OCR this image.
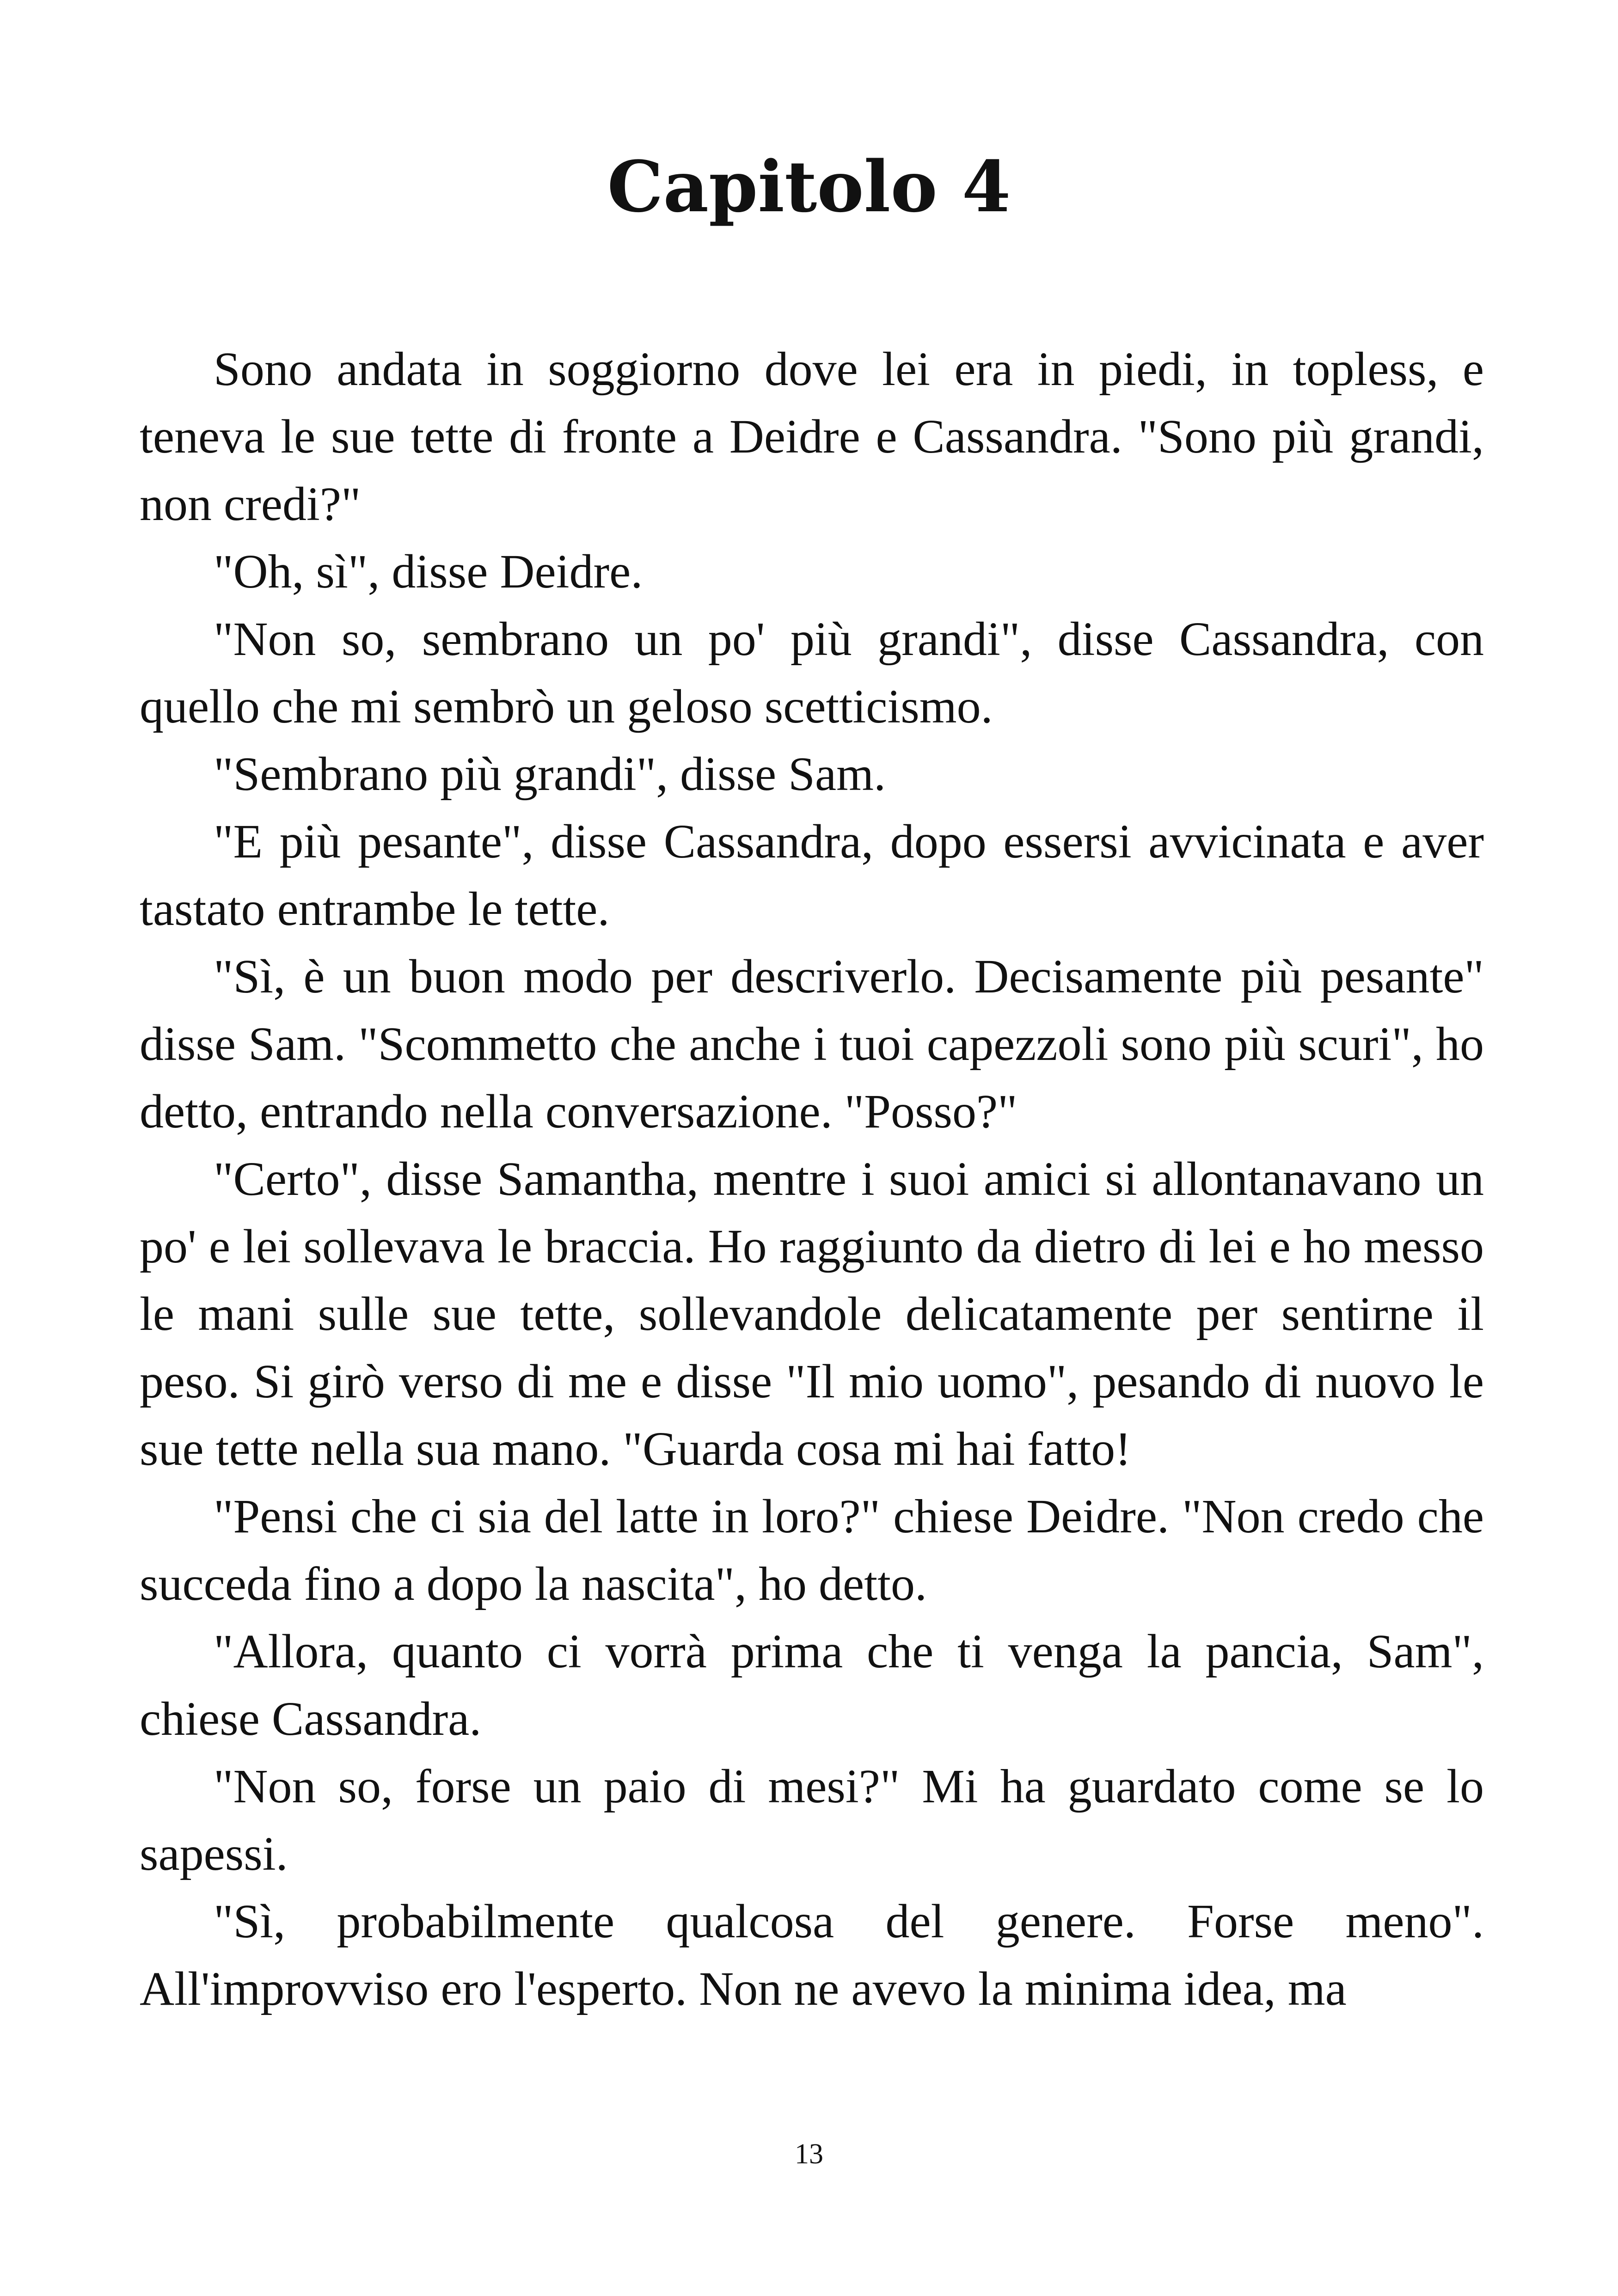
Capitolo 4

Sono andata in soggiorno dove lei era in piedi, in topless, e teneva le sue tette di fronte a Deidre e Cassandra. "Sono più grandi, non credi?"

"Oh, sì", disse Deidre.

"Non so, sembrano un po' più grandi", disse Cassandra, con quello che mi sembrò un geloso scetticismo.

"Sembrano più grandi", disse Sam.

"E più pesante", disse Cassandra, dopo essersi avvicinata e aver tastato entrambe le tette.

"Sì, è un buon modo per descriverlo. Decisamente più pesante" disse Sam. "Scommetto che anche i tuoi capezzoli sono più scuri", ho detto, entrando nella conversazione. "Posso?"

"Certo", disse Samantha, mentre i suoi amici si allontanavano un po' e lei sollevava le braccia. Ho raggiunto da dietro di lei e ho messo le mani sulle sue tette, sollevandole delicatamente per sentirne il peso. Si girò verso di me e disse "Il mio uomo", pesando di nuovo le sue tette nella sua mano. "Guarda cosa mi hai fatto!

"Pensi che ci sia del latte in loro?" chiese Deidre. "Non credo che succeda fino a dopo la nascita", ho detto.

"Allora, quanto ci vorrà prima che ti venga la pancia, Sam", chiese Cassandra.

"Non so, forse un paio di mesi?" Mi ha guardato come se lo sapessi.

"Sì, probabilmente qualcosa del genere. Forse meno". All'improvviso ero l'esperto. Non ne avevo la minima idea, ma

13
